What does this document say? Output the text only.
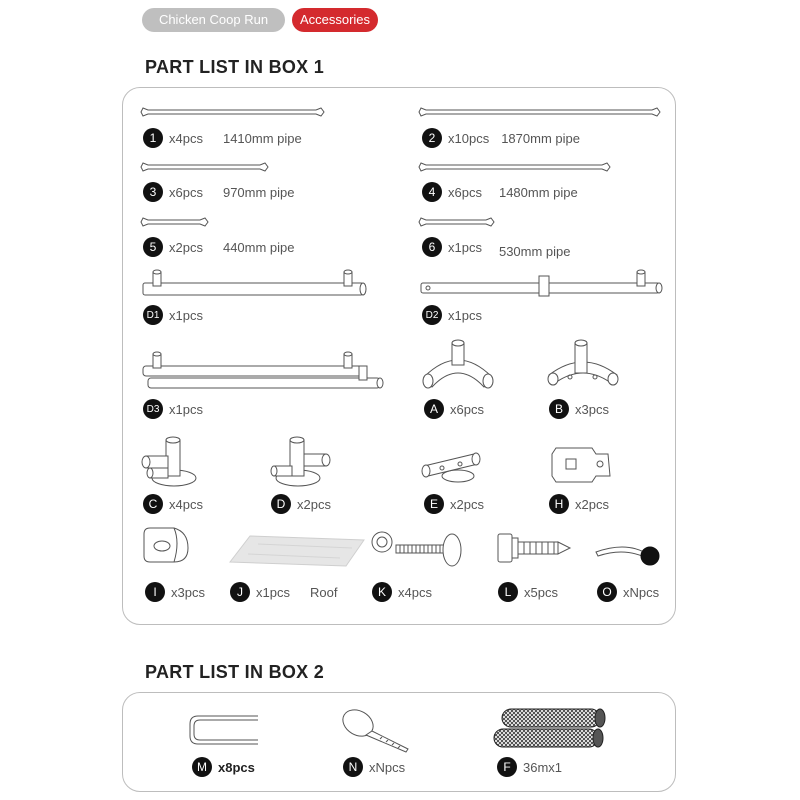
Chicken Coop Run	Accessories
PART LIST IN BOX 1
1 x4pcs 1410mm pipe	2 x10pcs 1870mm pipe
3 x6pcs 970mm pipe	4 x6pcs 1480mm pipe
5 x2pcs 440mm pipe	6 x1pcs 530mm pipe
D1 x1pcs	D2 x1pcs
D3 x1pcs	A x6pcs	B x3pcs
C x4pcs	D x2pcs	E x2pcs	H x2pcs
I	x3pcs	J	x1pcs Roof	K x4pcs	L x5pcs	O xNpcs
PART LIST IN BOX 2
M x8pcs	N xNpcs	F 36mx1
